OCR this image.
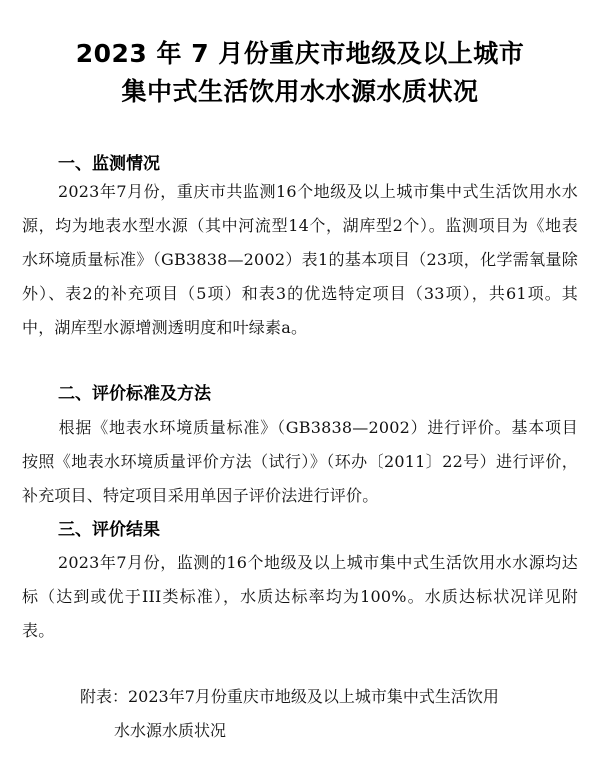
2023 年 7 月份重庆市地级及以上城市
集中式生活饮用水水源水质状况
一、监测情况
2023年7月份，重庆市共监测16个地级及以上城市集中式生活饮用水水源，均为地表水型水源（其中河流型14个，湖库型2个）。监测项目为《地表水环境质量标准》（GB3838—2002）表1的基本项目（23项，化学需氧量除外）、表2的补充项目（5项）和表3的优选特定项目（33项），共61项。其中，湖库型水源增测透明度和叶绿素a。
二、评价标准及方法
根据《地表水环境质量标准》（GB3838—2002）进行评价。基本项目按照《地表水环境质量评价方法（试行）》（环办〔2011〕22号）进行评价，补充项目、特定项目采用单因子评价法进行评价。
三、评价结果
2023年7月份，监测的16个地级及以上城市集中式生活饮用水水源均达标（达到或优于III类标准），水质达标率均为100%。水质达标状况详见附表。
附表：2023年7月份重庆市地级及以上城市集中式生活饮用
水水源水质状况
